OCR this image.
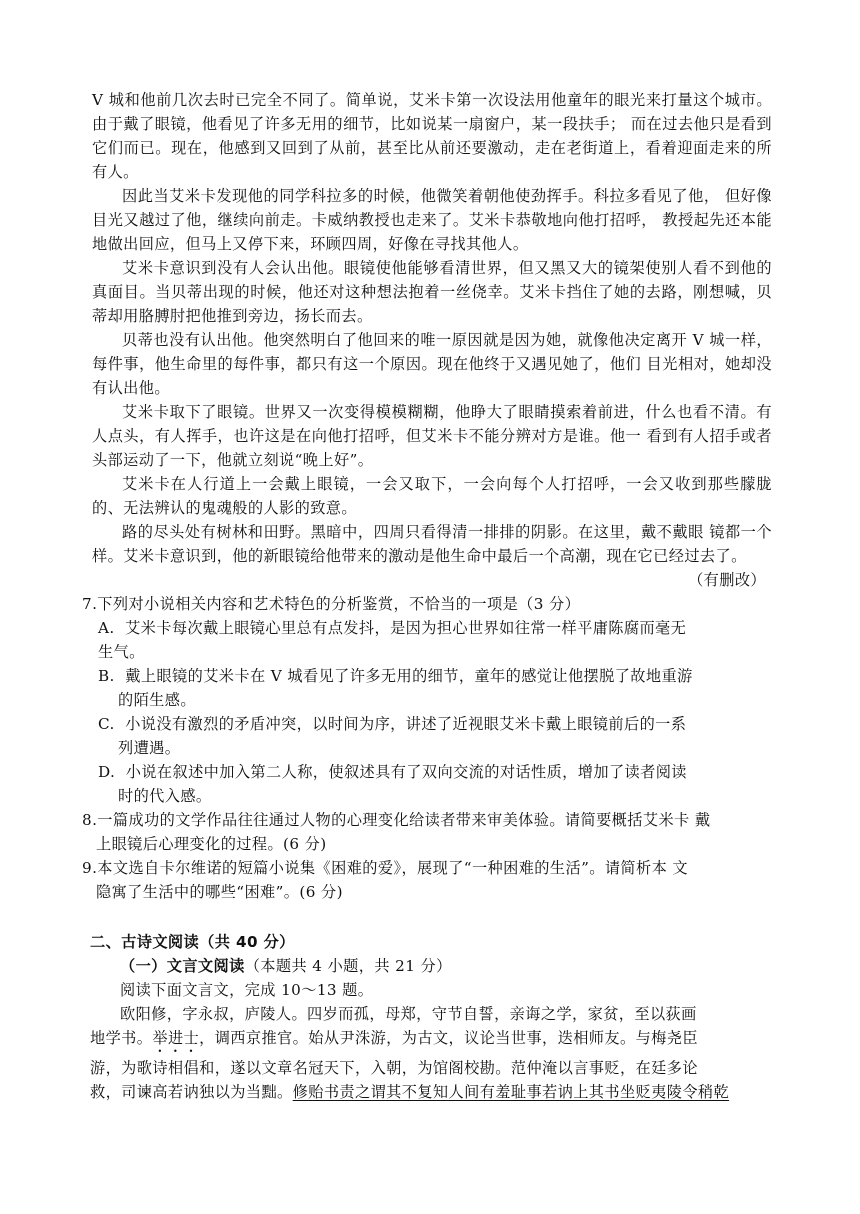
V 城和他前几次去时已完全不同了。简单说，艾米卡第一次设法用他童年的眼光来打量这个城市。由于戴了眼镜，他看见了许多无用的细节，比如说某一扇窗户，某一段扶手； 而在过去他只是看到它们而已。现在，他感到又回到了从前，甚至比从前还要激动，走在老街道上，看着迎面走来的所有人。

因此当艾米卡发现他的同学科拉多的时候，他微笑着朝他使劲挥手。科拉多看见了他， 但好像目光又越过了他，继续向前走。卡威纳教授也走来了。艾米卡恭敬地向他打招呼， 教授起先还本能地做出回应，但马上又停下来，环顾四周，好像在寻找其他人。

艾米卡意识到没有人会认出他。眼镜使他能够看清世界，但又黑又大的镜架使别人看不到他的真面目。当贝蒂出现的时候，他还对这种想法抱着一丝侥幸。艾米卡挡住了她的去路，刚想喊，贝蒂却用胳膊肘把他推到旁边，扬长而去。

贝蒂也没有认出他。他突然明白了他回来的唯一原因就是因为她，就像他决定离开 V 城一样，每件事，他生命里的每件事，都只有这一个原因。现在他终于又遇见她了，他们 目光相对，她却没有认出他。

艾米卡取下了眼镜。世界又一次变得模模糊糊，他睁大了眼睛摸索着前进，什么也看不清。有人点头，有人挥手，也许这是在向他打招呼，但艾米卡不能分辨对方是谁。他一 看到有人招手或者头部运动了一下，他就立刻说“晚上好”。

艾米卡在人行道上一会戴上眼镜，一会又取下，一会向每个人打招呼，一会又收到那些朦胧的、无法辨认的鬼魂般的人影的致意。

路的尽头处有树林和田野。黑暗中，四周只看得清一排排的阴影。在这里，戴不戴眼 镜都一个样。艾米卡意识到，他的新眼镜给他带来的激动是他生命中最后一个高潮，现在它已经过去了。

（有删改）

7.下列对小说相关内容和艺术特色的分析鉴赏，不恰当的一项是（3 分）

A. 艾米卡每次戴上眼镜心里总有点发抖，是因为担心世界如往常一样平庸陈腐而毫无
生气。
B. 戴上眼镜的艾米卡在 V 城看见了许多无用的细节，童年的感觉让他摆脱了故地重游
的陌生感。
C. 小说没有激烈的矛盾冲突，以时间为序，讲述了近视眼艾米卡戴上眼镜前后的一系
列遭遇。
D. 小说在叙述中加入第二人称，使叙述具有了双向交流的对话性质，增加了读者阅读
时的代入感。

8.一篇成功的文学作品往往通过人物的心理变化给读者带来审美体验。请简要概括艾米卡 戴

上眼镜后心理变化的过程。(6 分)

9.本文选自卡尔维诺的短篇小说集《困难的爱》，展现了“一种困难的生活”。请简析本 文

隐寓了生活中的哪些“困难”。(6 分)

二、古诗文阅读（共 40 分）

（一）文言文阅读（本题共 4 小题，共 21 分）

阅读下面文言文，完成 10～13 题。

欧阳修，字永叔，庐陵人。四岁而孤，母郑，守节自誓，亲诲之学，家贫，至以荻画

地学书。举进士，调西京推官。始从尹洙游，为古文，议论当世事，迭相师友。与梅尧臣

游，为歌诗相倡和，遂以文章名冠天下，入朝，为馆阁校勘。范仲淹以言事贬，在廷多论

救，司谏高若讷独以为当黜。修贻书责之谓其不复知人间有羞耻事若讷上其书坐贬夷陵令稍乾
